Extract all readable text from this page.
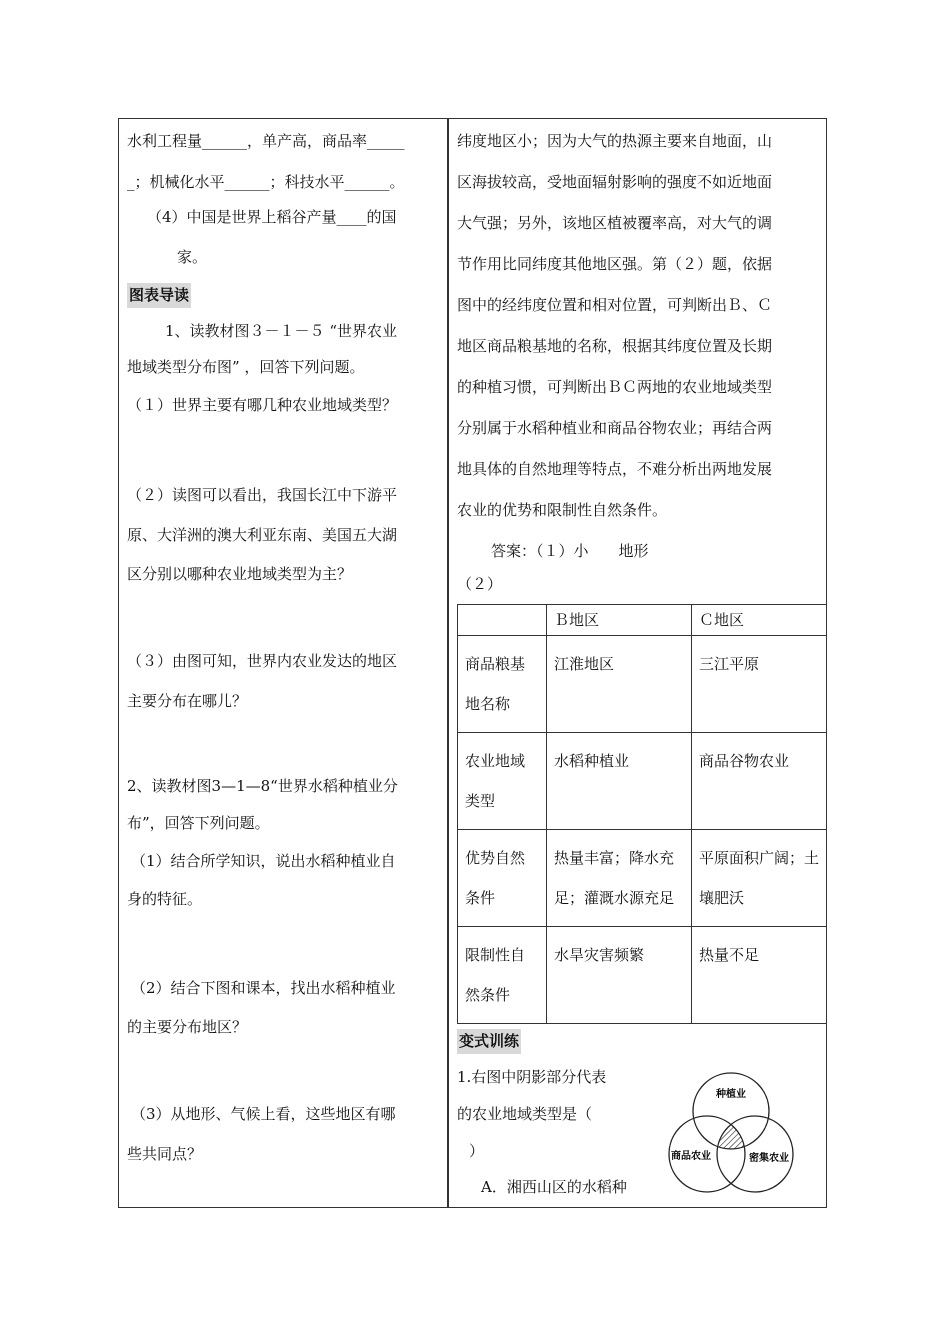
水利工程量______，单产高，商品率_____
_；机械化水平______；科技水平______。
（4）中国是世界上稻谷产量____的国
家。
图表导读
1、读教材图３－１－５ “世界农业
地域类型分布图” ，回答下列问题。
（１）世界主要有哪几种农业地域类型？
（２）读图可以看出，我国长江中下游平
原、大洋洲的澳大利亚东南、美国五大湖
区分别以哪种农业地域类型为主？
（３）由图可知，世界内农业发达的地区
主要分布在哪儿？
2、读教材图3—1—8“世界水稻种植业分
布”，回答下列问题。
（1）结合所学知识，说出水稻种植业自
身的特征。
（2）结合下图和课本，找出水稻种植业
的主要分布地区？
（3）从地形、气候上看，这些地区有哪
些共同点？
纬度地区小；因为大气的热源主要来自地面，山
区海拔较高，受地面辐射影响的强度不如近地面
大气强；另外，该地区植被覆率高，对大气的调
节作用比同纬度其他地区强。第（２）题，依据
图中的经纬度位置和相对位置，可判断出Ｂ、Ｃ
地区商品粮基地的名称，根据其纬度位置及长期
的种植习惯，可判断出ＢＣ两地的农业地域类型
分别属于水稻种植业和商品谷物农业；再结合两
地具体的自然地理等特点，不难分析出两地发展
农业的优势和限制性自然条件。
答案：（１）小　　地形
（２）
	Ｂ地区	Ｃ地区
商品粮基地名称	江淮地区	三江平原
农业地域类型	水稻种植业	商品谷物农业
优势自然条件	热量丰富；降水充足；灌溉水源充足	平原面积广阔；土壤肥沃
限制性自然条件	水旱灾害频繁	热量不足
变式训练
1.右图中阴影部分代表
的农业地域类型是（
）
A．湘西山区的水稻种
种植业
商品农业	密集农业
